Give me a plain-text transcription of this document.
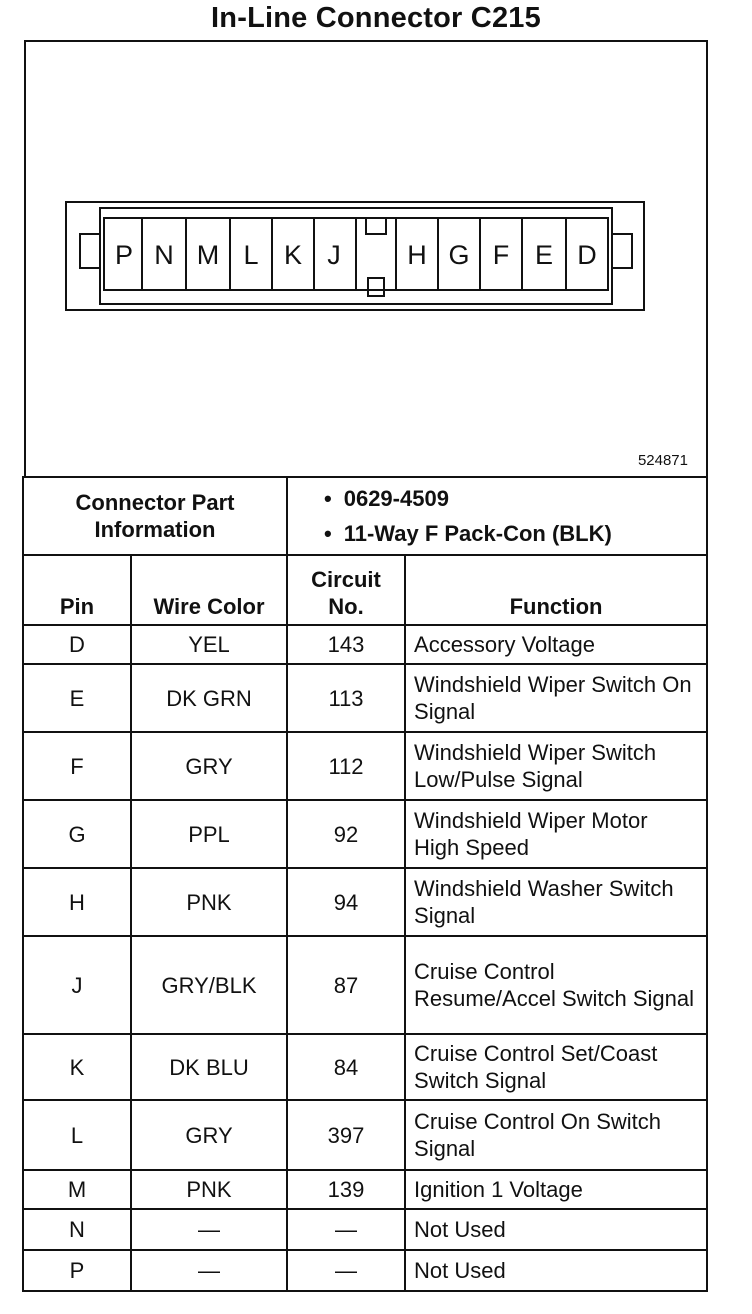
In-Line Connector C215
P N M L K J H G F E D
524871
Connector Part Information		• 0629-4509
• 11-Way F Pack-Con (BLK)

Pin	Wire Color	Circuit No.	Function
D	YEL	143	Accessory Voltage
E	DK GRN	113	Windshield Wiper Switch On Signal
F	GRY	112	Windshield Wiper Switch Low/Pulse Signal
G	PPL	92	Windshield Wiper Motor High Speed
H	PNK	94	Windshield Washer Switch Signal
J	GRY/BLK	87	Cruise Control Resume/Accel Switch Signal
K	DK BLU	84	Cruise Control Set/Coast Switch Signal
L	GRY	397	Cruise Control On Switch Signal
M	PNK	139	Ignition 1 Voltage
N	—	—	Not Used
P	—	—	Not Used
